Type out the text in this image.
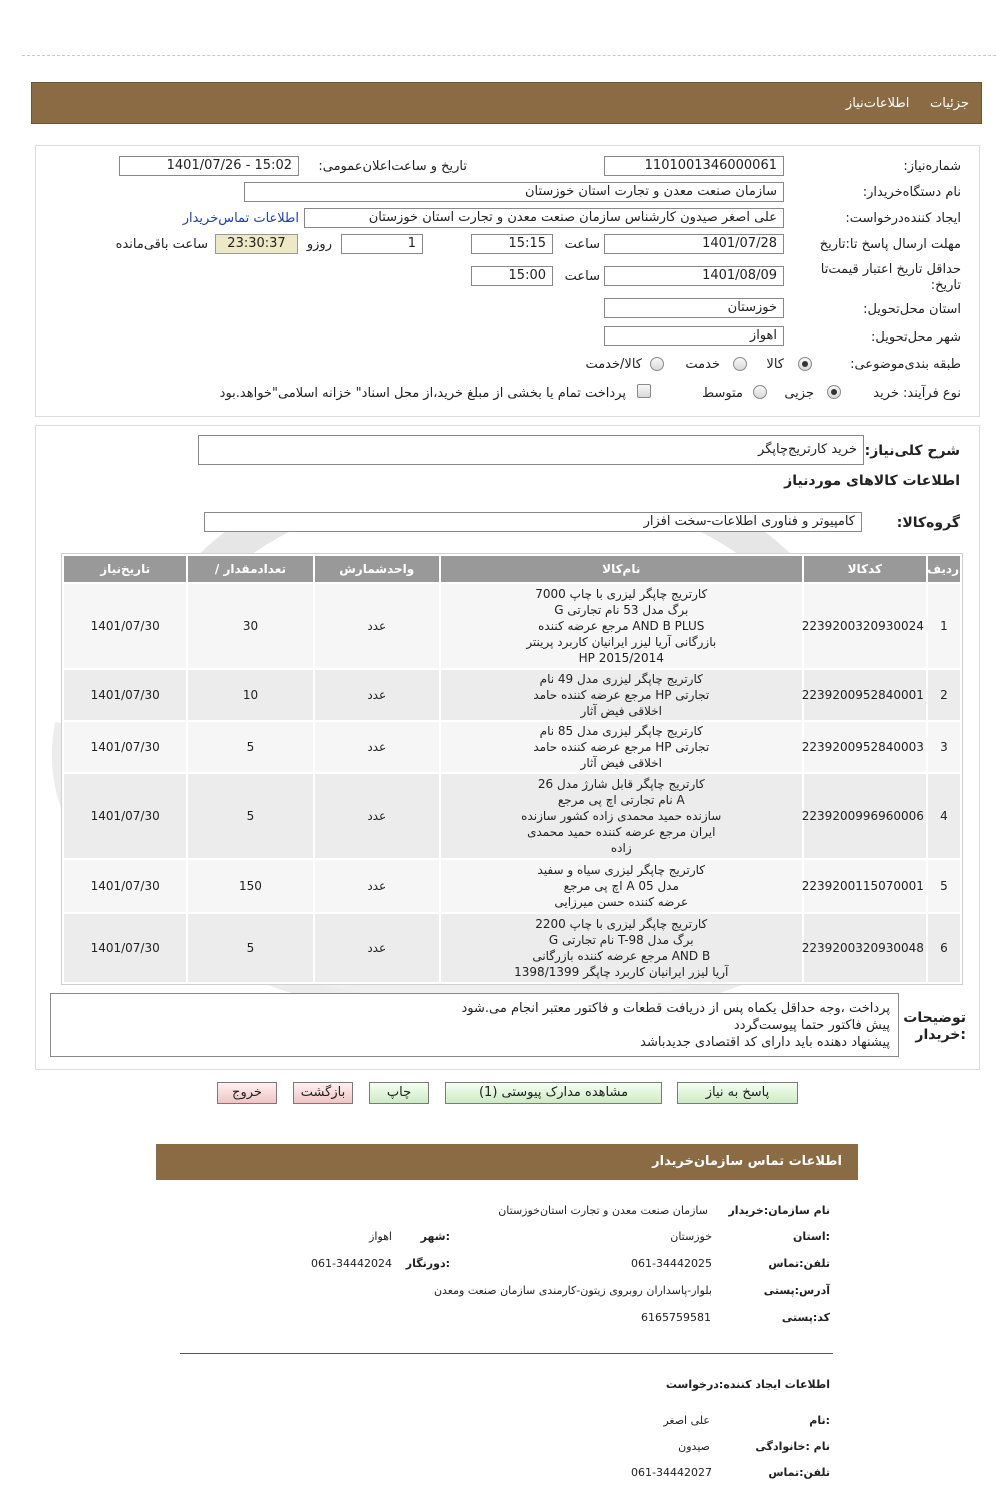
جزئیات     اطلاعات‌نیاز
شماره‌نیاز:
1101001346000061
تاریخ و ساعت‌اعلان‌عمومی:
1401/07/26 - 15:02
نام دستگاه‌خریدار:
سازمان صنعت معدن و تجارت استان خوزستان
ایجاد کننده‌درخواست:
علی اصغر صیدون کارشناس سازمان صنعت معدن و تجارت استان خوزستان
اطلاعات تماس‌خریدار
مهلت ارسال پاسخ تا‌:تاریخ
1401/07/28
ساعت
15:15
1
روزو
23:30:37
ساعت باقی‌مانده
حداقل تاریخ اعتبار قیمت‌تا تاریخ:
1401/08/09
ساعت
15:00
استان محل‌تحویل:
خوزستان
شهر محل‌تحویل:
اهواز
طبقه بندی‌موضوعی:
کالا
خدمت
کالا/خدمت
نوع فرآیند: خرید
جزیی
متوسط
پرداخت تمام یا بخشی از مبلغ خرید،از محل اسناد" خزانه اسلامی"خواهد.بود
شرح کلی‌نیاز:
خرید کارتریج‌چاپگر
اطلاعات کالاهای موردنیاز
گروه‌کالا:
کامپیوتر و فناوری اطلاعات-سخت افزار
ردیف	کدکالا	نام‌کالا	واحدشمارش	تعدادمقدار /	تاریخ‌نیاز
1	2239200320930024	کارتریج چاپگر لیزری با چاپ 7000
برگ مدل 53 نام تجارتی G
AND B PLUS مرجع عرضه کننده
بازرگانی آریا لیزر ایرانیان کاربرد پرینتر
HP 2015/2014	عدد	30	1401/07/30
2	2239200952840001	کارتریج چاپگر لیزری مدل 49 نام
تجارتی HP مرجع عرضه کننده حامد
اخلاقی فیض آثار	عدد	10	1401/07/30
3	2239200952840003	کارتریج چاپگر لیزری مدل 85 نام
تجارتی HP مرجع عرضه کننده حامد
اخلاقی فیض آثار	عدد	5	1401/07/30
4	2239200996960006	کارتریج چاپگر قابل شارژ مدل 26
A نام تجارتی اچ پی مرجع
سازنده حمید محمدی زاده کشور سازنده
ایران مرجع عرضه کننده حمید محمدی
زاده	عدد	5	1401/07/30
5	2239200115070001	کارتریج چاپگر لیزری سیاه و سفید
مدل A 05 اچ پی مرجع
عرضه کننده حسن میرزایی	عدد	150	1401/07/30
6	2239200320930048	کارتریج چاپگر لیزری با چاپ 2200
برگ مدل T-98 نام تجارتی G
AND B مرجع عرضه کننده بازرگانی
آریا لیزر ایرانیان کاربرد چاپگر 1398/1399	عدد	5	1401/07/30
توضیحات
:خریدار
پرداخت ،وجه حداقل یکماه پس از دریافت قطعات و فاکتور معتبر انجام می.شود
پیش فاکتور حتما پیوست‌گردد
پیشنهاد دهنده باید دارای کد اقتصادی جدیدباشد
پاسخ به نیاز
مشاهده مدارک پیوستی (1)
چاپ
بازگشت
خروج
اطلاعات تماس سازمان‌خریدار
نام سازمان‌:خریدار
سازمان صنعت معدن و تجارت استان‌خوزستان
:استان
خوزستان
:شهر
اهواز
تلفن‌:تماس
061-34442025
:دورنگار
061-34442024
آدرس‌:پستی
بلوار-پاسداران روبروی زیتون-کارمندی سازمان صنعت ومعدن
کد‌:پستی
6165759581
اطلاعات ایجاد کننده‌:درخواست
:نام
علی اصغر
نام :خانوادگی
صیدون
تلفن‌:تماس
061-34442027
